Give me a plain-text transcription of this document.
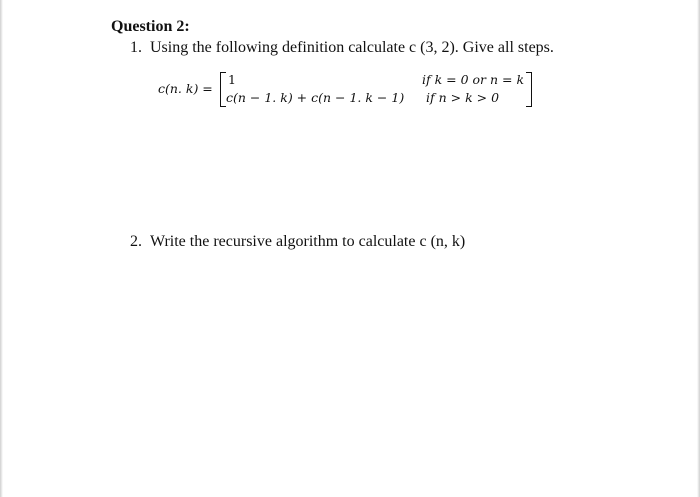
Question 2:
1. Using the following definition calculate c (3, 2). Give all steps.
c(n. k) =
1
c(n − 1. k) + c(n − 1. k − 1)
if k = 0 or n = k
if n > k > 0
2. Write the recursive algorithm to calculate c (n, k)
